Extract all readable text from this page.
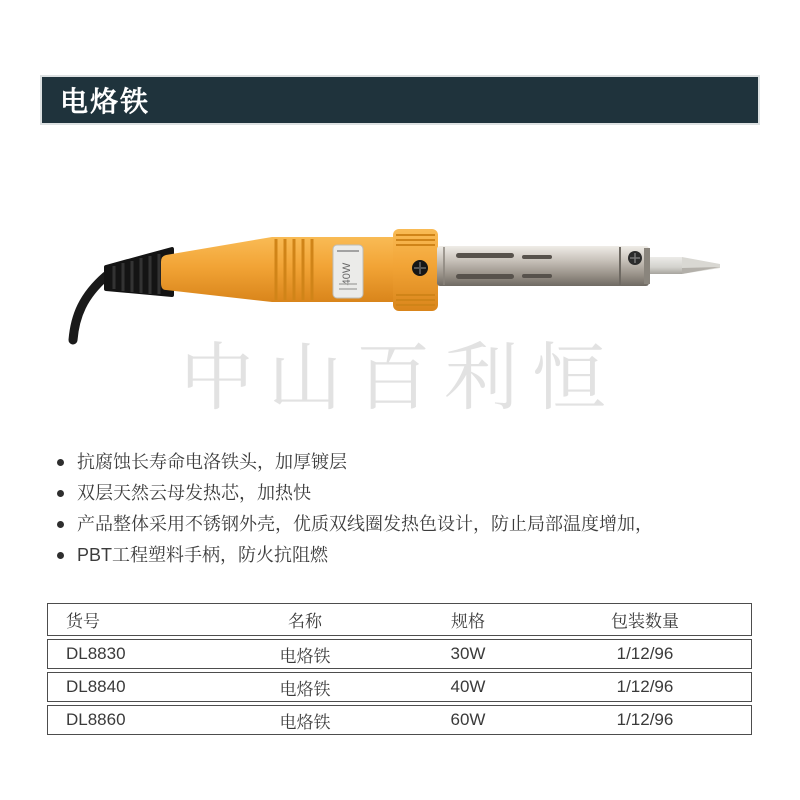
电烙铁
40W
中山百利恒
抗腐蚀长寿命电洛铁头，加厚镀层
双层天然云母发热芯，加热快
产品整体采用不锈钢外壳，优质双线圈发热色设计，防止局部温度增加，
PBT工程塑料手柄，防火抗阻燃
货号	名称	规格	包装数量
DL8830	电烙铁	30W	1/12/96
DL8840	电烙铁	40W	1/12/96
DL8860	电烙铁	60W	1/12/96
